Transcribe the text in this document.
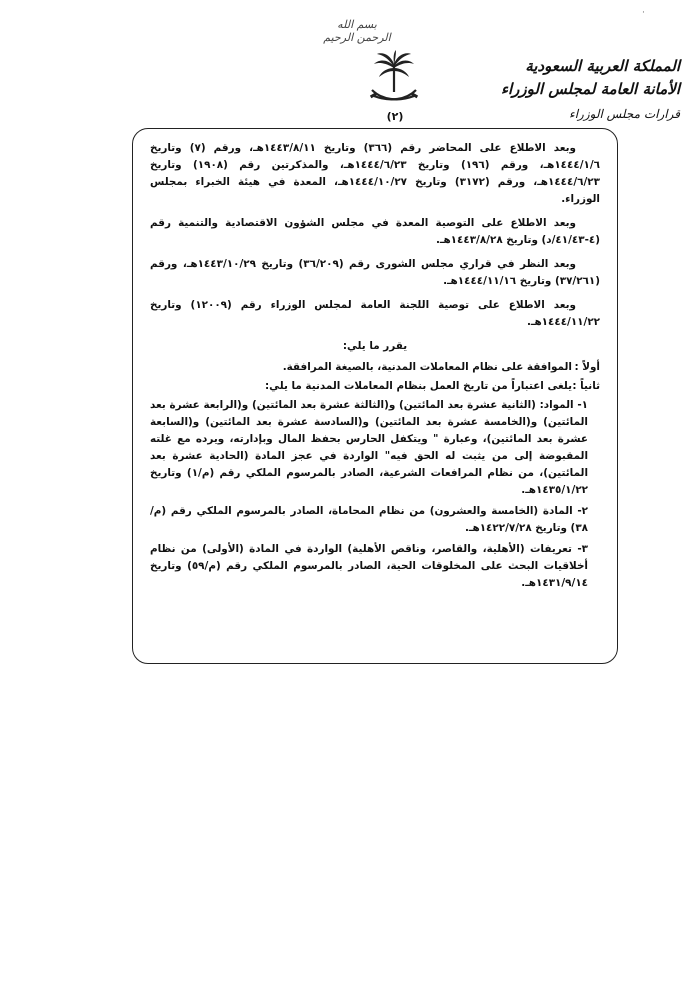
·
بسم الله الرحمن الرحيم
(٢)
المملكة العربية السعودية
الأمانة العامة لمجلس الوزراء
قرارات مجلس الوزراء

وبعد الاطلاع على المحاضر رقم (٣٦٦) وتاريخ ١٤٤٣/٨/١١هـ، ورقم (٧) وتاريخ ١٤٤٤/١/٦هـ، ورقم (١٩٦) وتاريخ ١٤٤٤/٦/٢٣هـ، والمذكرتين رقم (١٩٠٨) وتاريخ ١٤٤٤/٦/٢٣هـ، ورقم (٣١٧٢) وتاريخ ١٤٤٤/١٠/٢٧هـ، المعدة في هيئة الخبراء بمجلس الوزراء.

وبعد الاطلاع على التوصية المعدة في مجلس الشؤون الاقتصادية والتنمية رقم (٤-٤١/٤٣/د) وتاريخ ١٤٤٣/٨/٢٨هـ.

وبعد النظر في قراري مجلس الشورى رقم (٣٦/٢٠٩) وتاريخ ١٤٤٣/١٠/٢٩هـ، ورقم (٣٧/٢٦١) وتاريخ ١٤٤٤/١١/١٦هـ.

وبعد الاطلاع على توصية اللجنة العامة لمجلس الوزراء رقم (١٢٠٠٩) وتاريخ ١٤٤٤/١١/٢٢هـ.

يقرر ما يلي:

أولاً :
الموافقة على نظام المعاملات المدنية، بالصيغة المرافقة.
ثانياً :
يلغى اعتباراً من تاريخ العمل بنظام المعاملات المدنية ما يلي:

١- المواد: (الثانية عشرة بعد المائتين) و(الثالثة عشرة بعد المائتين) و(الرابعة عشرة بعد المائتين) و(الخامسة عشرة بعد المائتين) و(السادسة عشرة بعد المائتين) و(السابعة عشرة بعد المائتين)، وعبارة " ويتكفل الحارس بحفظ المال وبإدارته، ويرده مع غلته المقبوضة إلى من يثبت له الحق فيه" الواردة في عجز المادة (الحادية عشرة بعد المائتين)، من نظام المرافعات الشرعية، الصادر بالمرسوم الملكي رقم (م/١) وتاريخ ١٤٣٥/١/٢٢هـ.

٢- المادة (الخامسة والعشرون) من نظام المحاماة، الصادر بالمرسوم الملكي رقم (م/٣٨) وتاريخ ١٤٢٢/٧/٢٨هـ.

٣- تعريفات (الأهلية، والقاصر، وناقص الأهلية) الواردة في المادة (الأولى) من نظام أخلاقيات البحث على المخلوقات الحية، الصادر بالمرسوم الملكي رقم (م/٥٩) وتاريخ ١٤٣١/٩/١٤هـ.
